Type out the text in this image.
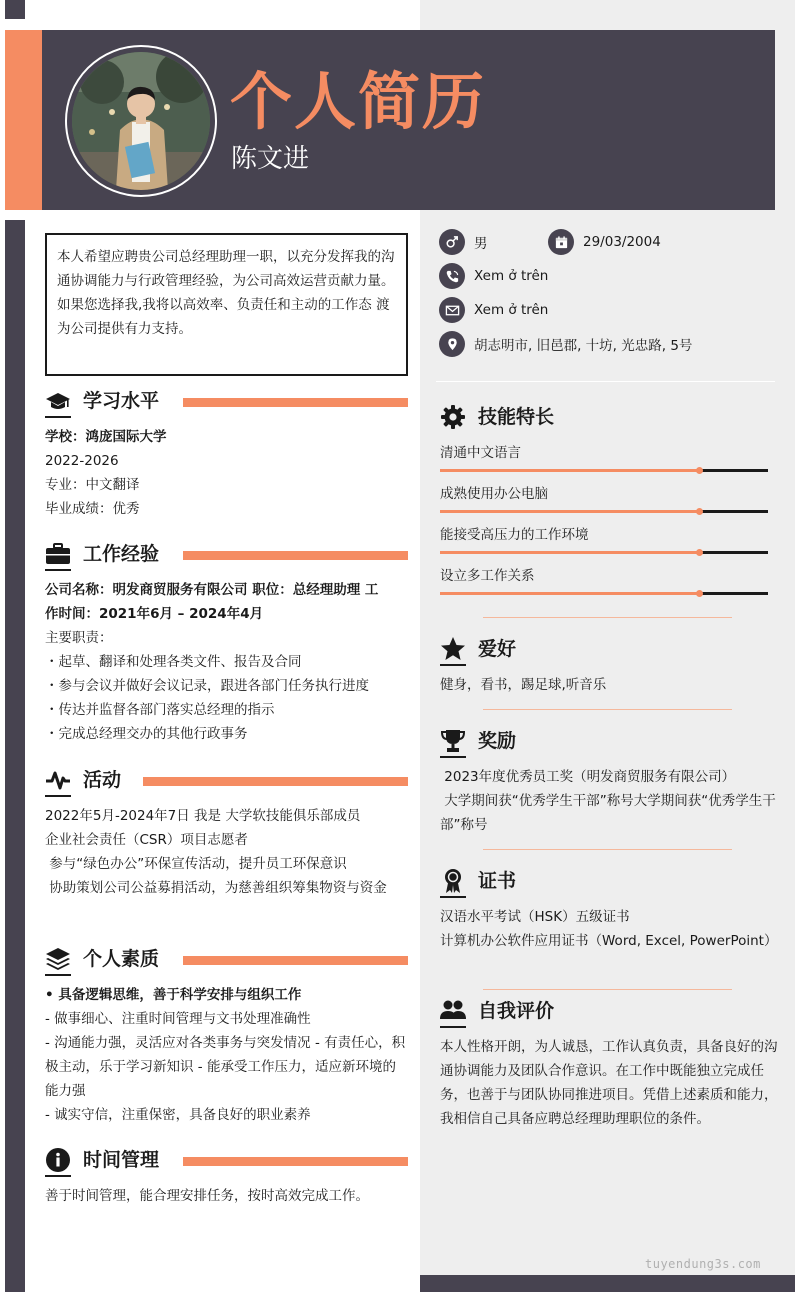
个人简历
陈文进
本人希望应聘贵公司总经理助理一职，以充分发挥我的沟通协调能力与行政管理经验，为公司高效运营贡献力量。如果您选择我,我将以高效率、负责任和主动的工作态 渡为公司提供有力支持。
学习水平
学校：鸿庞国际大学
2022-2026
专业：中文翻译
毕业成绩：优秀
工作经验
公司名称：明发商贸服务有限公司 职位：总经理助理 工
作时间：2021年6月 – 2024年4月
主要职责：
・起草、翻译和处理各类文件、报告及合同
・参与会议并做好会议记录，跟进各部门任务执行进度
・传达并监督各部门落实总经理的指示
・完成总经理交办的其他行政事务
活动
2022年5月-2024年7日 我是 大学软技能俱乐部成员
企业社会责任（CSR）项目志愿者
参与“绿色办公”环保宣传活动，提升员工环保意识
协助策划公司公益募捐活动，为慈善组织筹集物资与资金
个人素质
• 具备逻辑思维，善于科学安排与组织工作
- 做事细心、注重时间管理与文书处理准确性
- 沟通能力强，灵活应对各类事务与突发情况 - 有责任心，积极主动，乐于学习新知识 - 能承受工作压力，适应新环境的能力强
- 诚实守信，注重保密，具备良好的职业素养
时间管理
善于时间管理，能合理安排任务，按时高效完成工作。
男	29/03/2004
Xem ở trên
Xem ở trên
胡志明市, 旧邑郡, 十坊, 光忠路, 5号
技能特长
清通中文语言
成熟使用办公电脑
能接受高压力的工作环境
设立多工作关系
爱好
健身，看书，踢足球,听音乐
奖励
2023年度优秀员工奖（明发商贸服务有限公司）
大学期间获“优秀学生干部”称号大学期间获“优秀学生干部”称号
证书
汉语水平考试（HSK）五级证书
计算机办公软件应用证书（Word, Excel, PowerPoint）
自我评价
本人性格开朗，为人诚恳，工作认真负责，具备良好的沟通协调能力及团队合作意识。在工作中既能独立完成任务，也善于与团队协同推进项目。凭借上述素质和能力，我相信自己具备应聘总经理助理职位的条件。
tuyendung3s.com
